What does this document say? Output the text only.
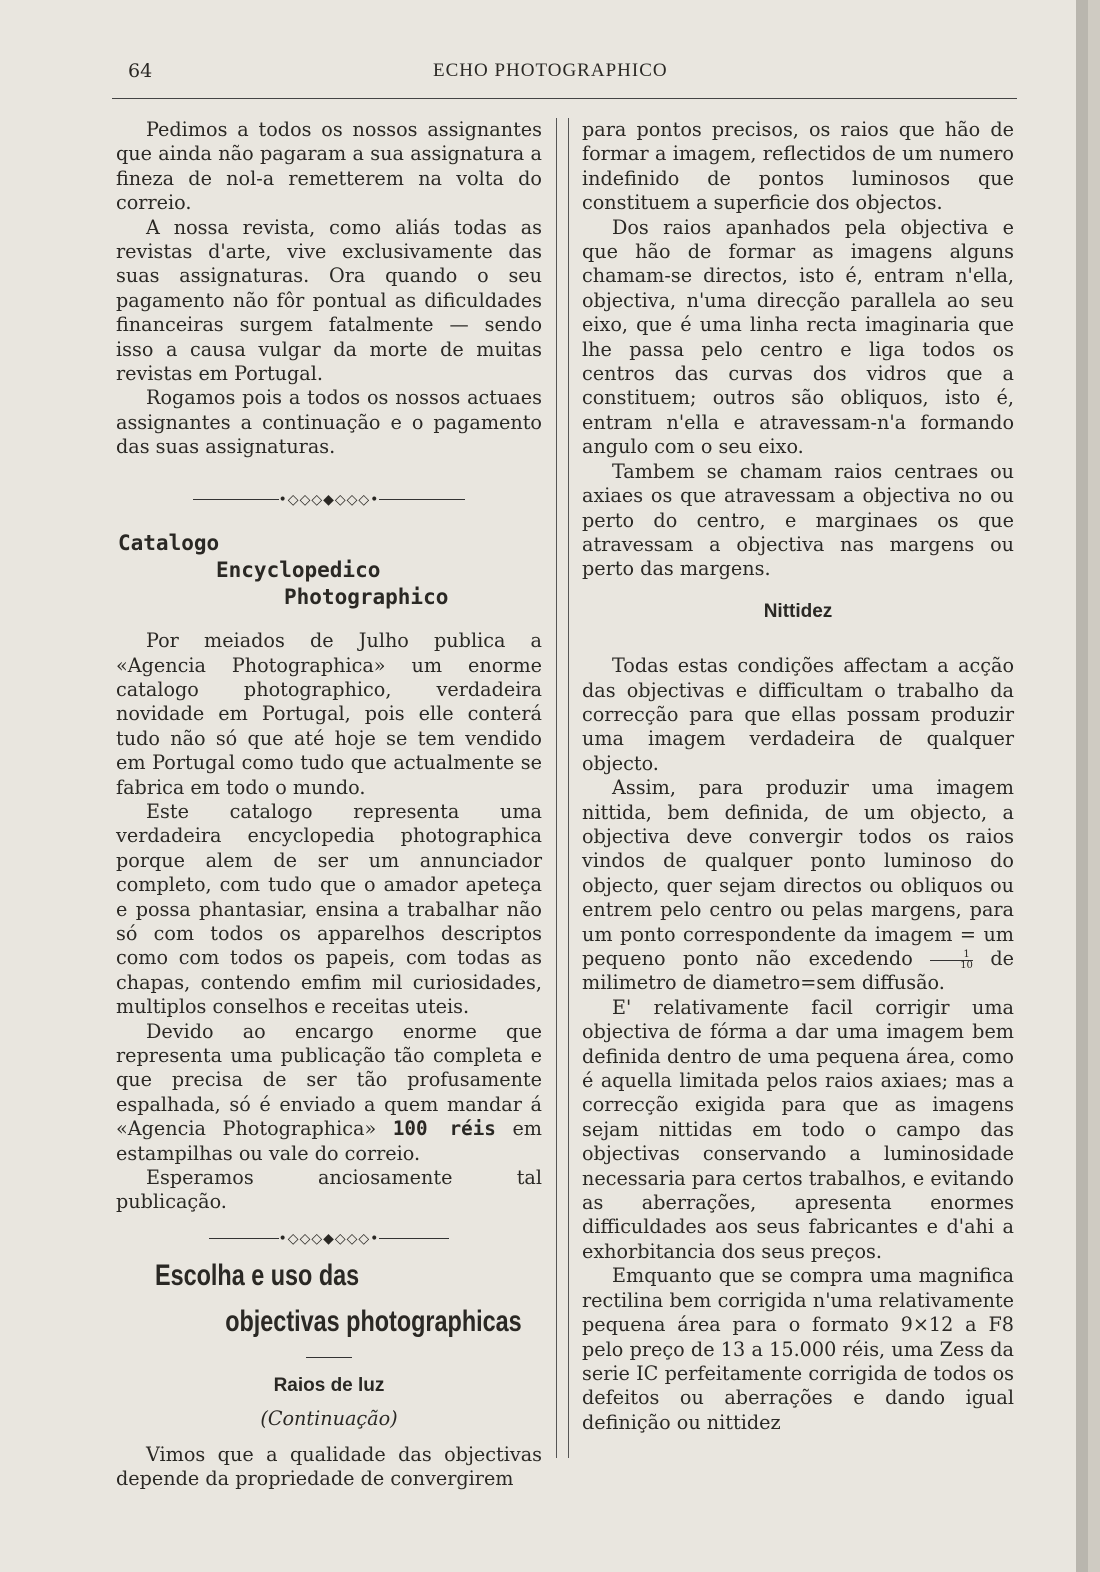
64	ECHO PHOTOGRAPHICO

Pedimos a todos os nossos assignantes que ainda não pagaram a sua assignatura a fineza de nol-a remetterem na volta do correio.

A nossa revista, como aliás todas as revistas d'arte, vive exclusivamente das suas assignaturas. Ora quando o seu pagamento não fôr pontual as dificuldades financeiras surgem fatalmente — sendo isso a causa vulgar da morte de muitas revistas em Portugal.

Rogamos pois a todos os nossos actuaes assignantes a continuação e o pagamento das suas assignaturas.

•◇◇◇◆◇◇◇•
Catalogo
Encyclopedico
Photographico

Por meiados de Julho publica a «Agencia Photographica» um enorme catalogo photographico, verdadeira novidade em Portugal, pois elle conterá tudo não só que até hoje se tem vendido em Portugal como tudo que actualmente se fabrica em todo o mundo.

Este catalogo representa uma verdadeira encyclopedia photographica porque alem de ser um annunciador completo, com tudo que o amador apeteça e possa phantasiar, ensina a trabalhar não só com todos os apparelhos descriptos como com todos os papeis, com todas as chapas, contendo emfim mil curiosidades, multiplos conselhos e receitas uteis.

Devido ao encargo enorme que representa uma publicação tão completa e que precisa de ser tão profusamente espalhada, só é enviado a quem mandar á «Agencia Photographica» 100 réis em estampilhas ou vale do correio.

Esperamos anciosamente tal publicação.

•◇◇◇◆◇◇◇•
Escolha e uso das
objectivas photographicas
Raios de luz
(Continuação)

Vimos que a qualidade das objectivas depende da propriedade de convergirem

para pontos precisos, os raios que hão de formar a imagem, reflectidos de um numero indefinido de pontos luminosos que constituem a superficie dos objectos.

Dos raios apanhados pela objectiva e que hão de formar as imagens alguns chamam-se directos, isto é, entram n'ella, objectiva, n'uma direcção parallela ao seu eixo, que é uma linha recta imaginaria que lhe passa pelo centro e liga todos os centros das curvas dos vidros que a constituem; outros são obliquos, isto é, entram n'ella e atravessam-n'a formando angulo com o seu eixo.

Tambem se chamam raios centraes ou axiaes os que atravessam a objectiva no ou perto do centro, e marginaes os que atravessam a objectiva nas margens ou perto das margens.

Nittidez

Todas estas condições affectam a acção das objectivas e difficultam o trabalho da correcção para que ellas possam produzir uma imagem verdadeira de qualquer objecto.

Assim, para produzir uma imagem nittida, bem definida, de um objecto, a objectiva deve convergir todos os raios vindos de qualquer ponto luminoso do objecto, quer sejam directos ou obliquos ou entrem pelo centro ou pelas margens, para um ponto correspondente da imagem = um pequeno ponto não excedendo $\frac{1}{10}$ de milimetro de diametro=sem diffusão.

E' relativamente facil corrigir uma objectiva de fórma a dar uma imagem bem definida dentro de uma pequena área, como é aquella limitada pelos raios axiaes; mas a correcção exigida para que as imagens sejam nittidas em todo o campo das objectivas conservando a luminosidade necessaria para certos trabalhos, e evitando as aberrações, apresenta enormes difficuldades aos seus fabricantes e d'ahi a exhorbitancia dos seus preços.

Emquanto que se compra uma magnifica rectilina bem corrigida n'uma relativamente pequena área para o formato 9×12 a F8 pelo preço de 13 a 15.000 réis, uma Zess da serie IC perfeitamente corrigida de todos os defeitos ou aberrações e dando igual definição ou nittidez
